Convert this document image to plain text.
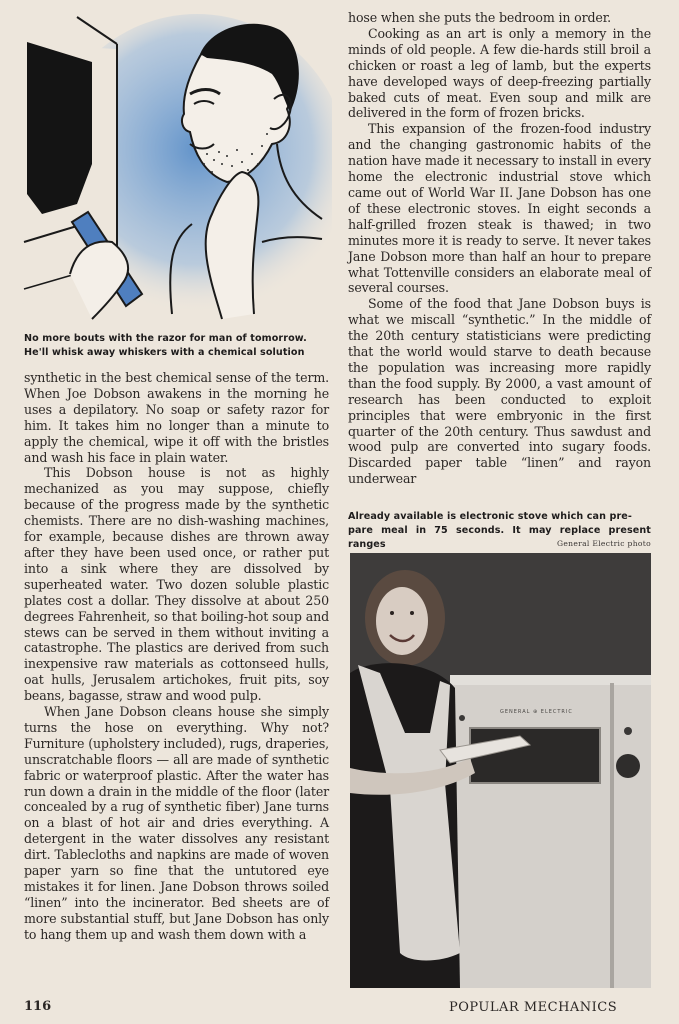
No more bouts with the razor for man of tomorrow.
He'll whisk away whiskers with a chemical solution

synthetic in the best chemical sense of the term. When Joe Dobson awakens in the morning he uses a depilatory. No soap or safety razor for him. It takes him no longer than a minute to apply the chemical, wipe it off with the bristles and wash his face in plain water.

This Dobson house is not as highly mechanized as you may suppose, chiefly because of the progress made by the synthetic chemists. There are no dish-washing machines, for example, because dishes are thrown away after they have been used once, or rather put into a sink where they are dissolved by superheated water. Two dozen soluble plastic plates cost a dollar. They dissolve at about 250 degrees Fahrenheit, so that boiling-hot soup and stews can be served in them without inviting a catastrophe. The plastics are derived from such inexpensive raw materials as cottonseed hulls, oat hulls, Jerusalem artichokes, fruit pits, soy beans, bagasse, straw and wood pulp.

When Jane Dobson cleans house she simply turns the hose on everything. Why not? Furniture (upholstery included), rugs, draperies, unscratchable floors — all are made of synthetic fabric or waterproof plastic. After the water has run down a drain in the middle of the floor (later concealed by a rug of synthetic fiber) Jane turns on a blast of hot air and dries everything. A detergent in the water dissolves any resistant dirt. Tablecloths and napkins are made of woven paper yarn so fine that the untutored eye mistakes it for linen. Jane Dobson throws soiled “linen” into the incinerator. Bed sheets are of more substantial stuff, but Jane Dobson has only to hang them up and wash them down with a

hose when she puts the bedroom in order.

Cooking as an art is only a memory in the minds of old people. A few die-hards still broil a chicken or roast a leg of lamb, but the experts have developed ways of deep-freezing partially baked cuts of meat. Even soup and milk are delivered in the form of frozen bricks.

This expansion of the frozen-food industry and the changing gastronomic habits of the nation have made it necessary to install in every home the electronic industrial stove which came out of World War II. Jane Dobson has one of these electronic stoves. In eight seconds a half-grilled frozen steak is thawed; in two minutes more it is ready to serve. It never takes Jane Dobson more than half an hour to prepare what Tottenville considers an elaborate meal of several courses.

Some of the food that Jane Dobson buys is what we miscall “synthetic.” In the middle of the 20th century statisticians were predicting that the world would starve to death because the population was increasing more rapidly than the food supply. By 2000, a vast amount of research has been conducted to exploit principles that were embryonic in the first quarter of the 20th century. Thus sawdust and wood pulp are converted into sugary foods. Discarded paper table “linen” and rayon underwear

Already available is electronic stove which can pre-
pare meal in 75 seconds. It may replace present ranges	General Electric photo
GENERAL ⊕ ELECTRIC
116	POPULAR MECHANICS
